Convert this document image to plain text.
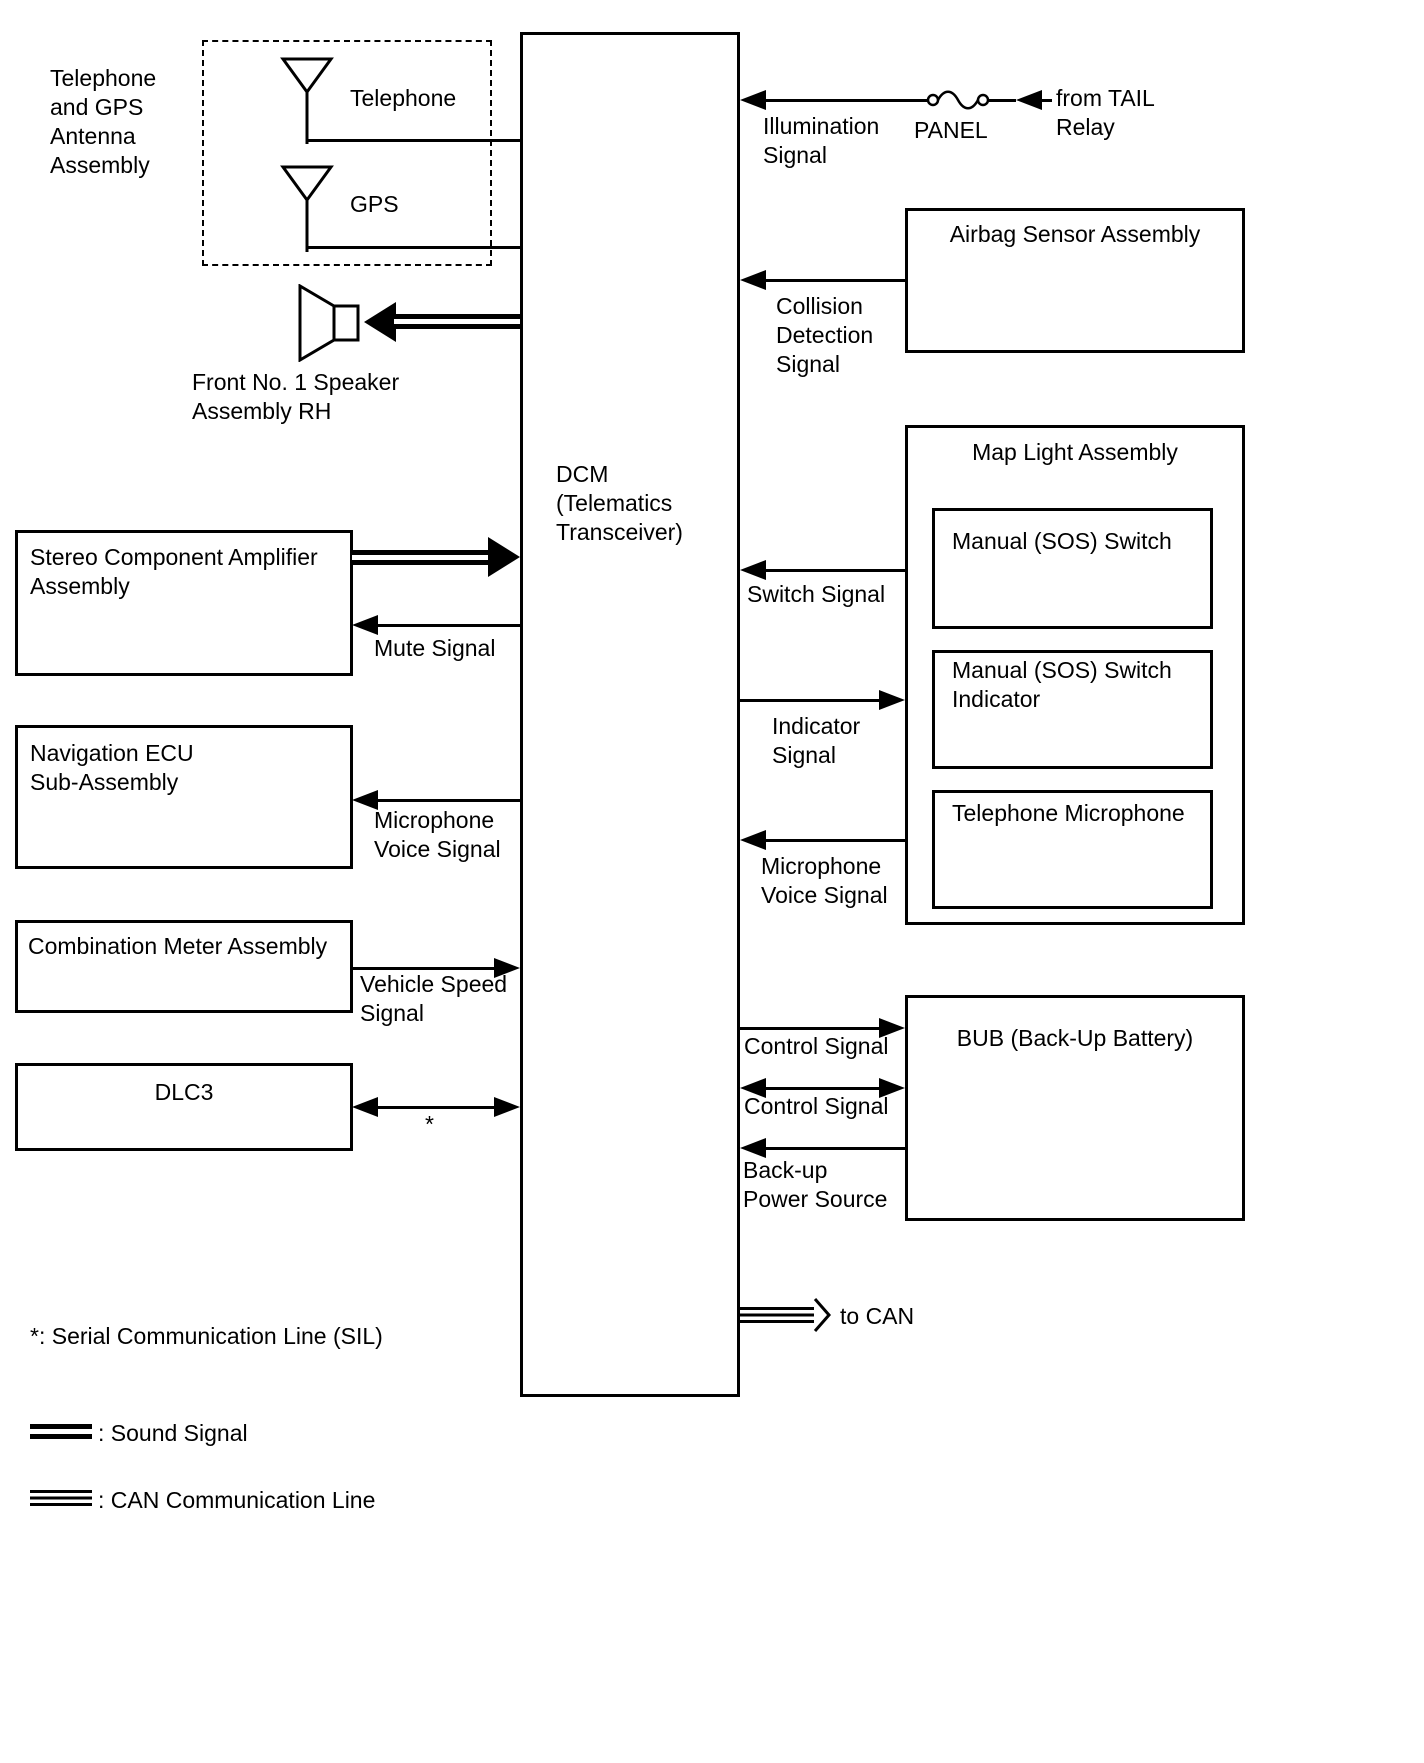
DCM
(Telematics
Transceiver)
Telephone
and GPS
Antenna
Assembly
Telephone
GPS
Front No. 1 Speaker
Assembly RH
Stereo Component Amplifier
Assembly
Mute Signal
Navigation ECU
Sub-Assembly
Microphone
Voice Signal
Combination Meter Assembly
Vehicle Speed
Signal
DLC3
*
Illumination
Signal
PANEL
from TAIL
Relay
Airbag Sensor Assembly
Collision
Detection
Signal
Map Light Assembly
Manual (SOS) Switch
Manual (SOS) Switch
Indicator
Telephone Microphone
Switch Signal
Indicator
Signal
Microphone
Voice Signal
BUB (Back-Up Battery)
Control Signal
Control Signal
Back-up
Power Source
to CAN
*: Serial Communication Line (SIL)
: Sound Signal
: CAN Communication Line
